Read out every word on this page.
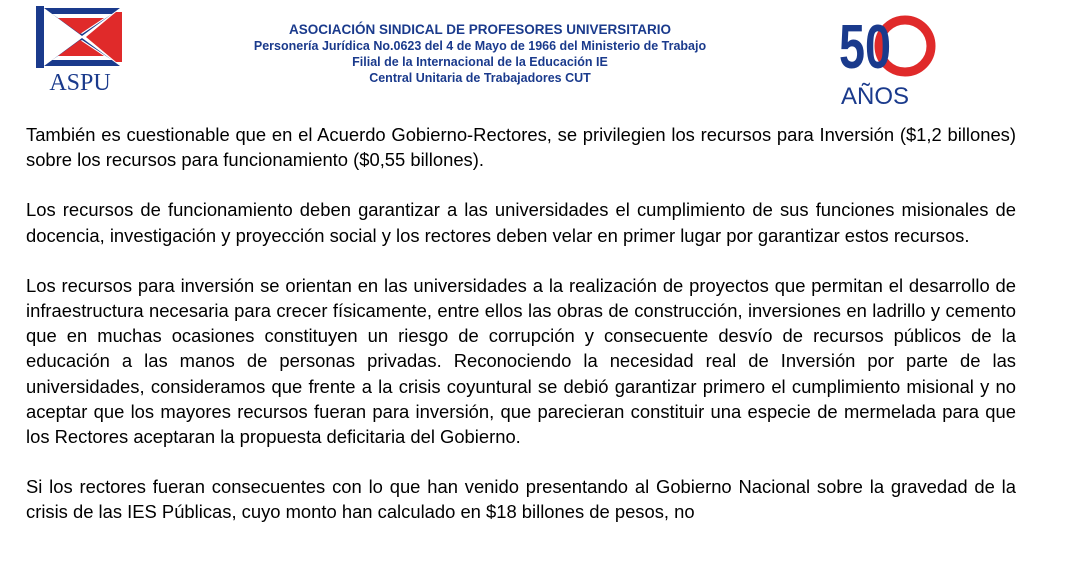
ASPU
ASOCIACIÓN SINDICAL DE PROFESORES UNIVERSITARIO
Personería Jurídica No.0623 del 4 de Mayo de 1966 del Ministerio de Trabajo
Filial de la Internacional de la Educación IE
Central Unitaria de Trabajadores CUT	50
AÑOS

También es cuestionable que en el Acuerdo Gobierno-Rectores, se privilegien los recursos para Inversión ($1,2 billones) sobre los recursos para funcionamiento ($0,55 billones).

Los recursos de funcionamiento deben garantizar a las universidades el cumplimiento de sus funciones misionales de docencia, investigación y proyección social y los rectores deben velar en primer lugar por garantizar estos recursos.

Los recursos para inversión se orientan en las universidades a la realización de proyectos que permitan el desarrollo de infraestructura necesaria para crecer físicamente, entre ellos las obras de construcción, inversiones en ladrillo y cemento que en muchas ocasiones constituyen un riesgo de corrupción y consecuente desvío de recursos públicos de la educación a las manos de personas privadas. Reconociendo la necesidad real de Inversión por parte de las universidades, consideramos que frente a la crisis coyuntural se debió garantizar primero el cumplimiento misional y no aceptar que los mayores recursos fueran para inversión, que parecieran constituir una especie de mermelada para que los Rectores aceptaran la propuesta deficitaria del Gobierno.

Si los rectores fueran consecuentes con lo que han venido presentando al Gobierno Nacional sobre la gravedad de la crisis de las IES Públicas, cuyo monto han calculado en $18 billones de pesos, no
